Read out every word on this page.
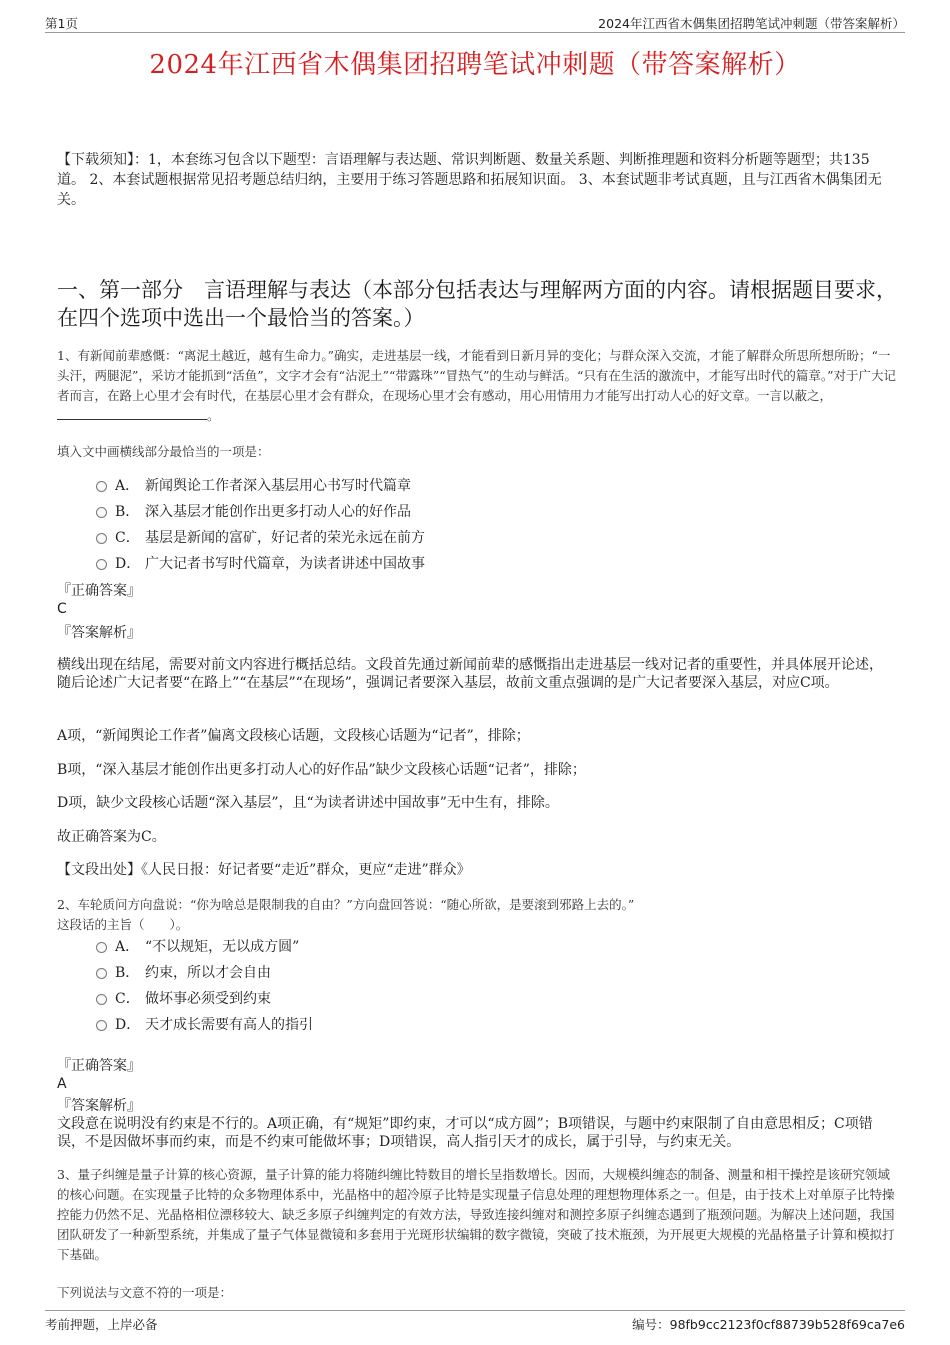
第1页	2024年江西省木偶集团招聘笔试冲刺题（带答案解析）
2024年江西省木偶集团招聘笔试冲刺题（带答案解析）
【下载须知】：1，本套练习包含以下题型：言语理解与表达题、常识判断题、数量关系题、判断推理题和资料分析题等题型；共135道。 2、本套试题根据常见招考题总结归纳，主要用于练习答题思路和拓展知识面。 3、本套试题非考试真题，且与江西省木偶集团无关。
一、第一部分　言语理解与表达（本部分包括表达与理解两方面的内容。请根据题目要求，在四个选项中选出一个最恰当的答案。）
1、有新闻前辈感慨：“离泥土越近，越有生命力。”确实，走进基层一线，才能看到日新月异的变化；与群众深入交流，才能了解群众所思所想所盼；“一头汗，两腿泥”，采访才能抓到“活鱼”，文字才会有“沾泥土”“带露珠”“冒热气”的生动与鲜活。“只有在生活的激流中，才能写出时代的篇章。”对于广大记者而言，在路上心里才会有时代，在基层心里才会有群众，在现场心里才会有感动，用心用情用力才能写出打动人心的好文章。一言以蔽之，。
填入文中画横线部分最恰当的一项是：
A． 新闻舆论工作者深入基层用心书写时代篇章
B． 深入基层才能创作出更多打动人心的好作品
C． 基层是新闻的富矿，好记者的荣光永远在前方
D． 广大记者书写时代篇章，为读者讲述中国故事
『正确答案』
C
『答案解析』
横线出现在结尾，需要对前文内容进行概括总结。文段首先通过新闻前辈的感慨指出走进基层一线对记者的重要性，并具体展开论述，随后论述广大记者要“在路上”“在基层”“在现场”，强调记者要深入基层，故前文重点强调的是广大记者要深入基层，对应C项。
A项，“新闻舆论工作者”偏离文段核心话题，文段核心话题为“记者”，排除；
B项，“深入基层才能创作出更多打动人心的好作品”缺少文段核心话题“记者”，排除；
D项，缺少文段核心话题“深入基层”，且“为读者讲述中国故事”无中生有，排除。
故正确答案为C。
【文段出处】《人民日报：好记者要“走近”群众，更应“走进”群众》
2、车轮质问方向盘说：“你为啥总是限制我的自由？”方向盘回答说：“随心所欲，是要滚到邪路上去的。”
这段话的主旨（　　）。
A． “不以规矩，无以成方圆”
B． 约束，所以才会自由
C． 做坏事必须受到约束
D． 天才成长需要有高人的指引
『正确答案』
A
『答案解析』
文段意在说明没有约束是不行的。A项正确，有“规矩”即约束，才可以“成方圆”；B项错误，与题中约束限制了自由意思相反；C项错误，不是因做坏事而约束，而是不约束可能做坏事；D项错误，高人指引天才的成长，属于引导，与约束无关。
3、量子纠缠是量子计算的核心资源，量子计算的能力将随纠缠比特数目的增长呈指数增长。因而，大规模纠缠态的制备、测量和相干操控是该研究领域的核心问题。在实现量子比特的众多物理体系中，光晶格中的超冷原子比特是实现量子信息处理的理想物理体系之一。但是，由于技术上对单原子比特操控能力仍然不足、光晶格相位漂移较大、缺乏多原子纠缠判定的有效方法，导致连接纠缠对和测控多原子纠缠态遇到了瓶颈问题。为解决上述问题，我国团队研发了一种新型系统，并集成了量子气体显微镜和多套用于光斑形状编辑的数字微镜，突破了技术瓶颈，为开展更大规模的光晶格量子计算和模拟打下基础。
下列说法与文意不符的一项是：
考前押题，上岸必备	编号：98fb9cc2123f0cf88739b528f69ca7e6
